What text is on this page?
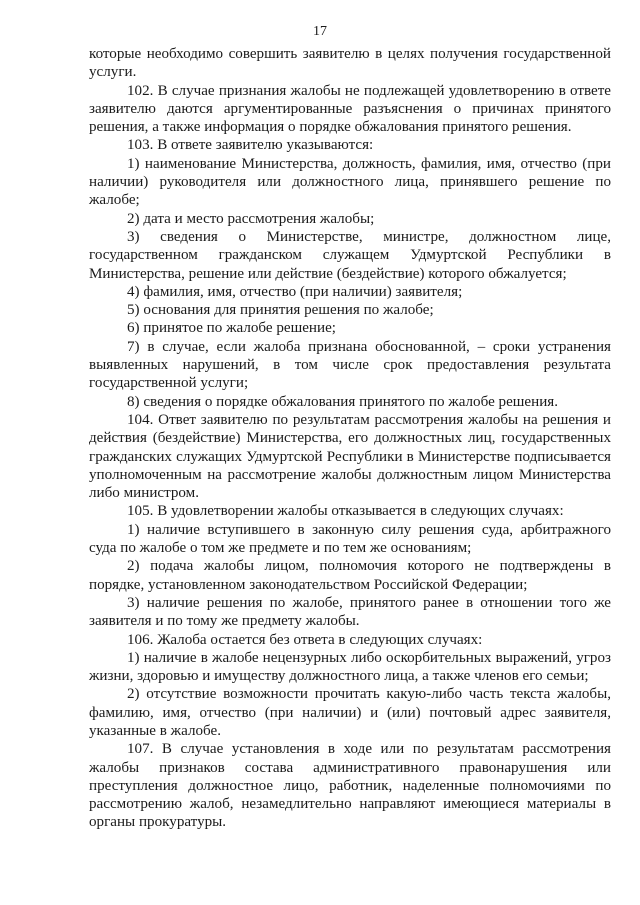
17

которые необходимо совершить заявителю в целях получения государственной услуги.

102. В случае признания жалобы не подлежащей удовлетворению в ответе заявителю даются аргументированные разъяснения о причинах принятого решения, а также информация о порядке обжалования принятого решения.

103. В ответе заявителю указываются:

1) наименование Министерства, должность, фамилия, имя, отчество (при наличии) руководителя или должностного лица, принявшего решение по жалобе;

2) дата и место рассмотрения жалобы;

3) сведения о Министерстве, министре, должностном лице, государственном гражданском служащем Удмуртской Республики в Министерства, решение или действие (бездействие) которого обжалуется;

4) фамилия, имя, отчество (при наличии) заявителя;

5) основания для принятия решения по жалобе;

6) принятое по жалобе решение;

7) в случае, если жалоба признана обоснованной, – сроки устранения выявленных нарушений, в том числе срок предоставления результата государственной услуги;

8) сведения о порядке обжалования принятого по жалобе решения.

104. Ответ заявителю по результатам рассмотрения жалобы на решения и действия (бездействие) Министерства, его должностных лиц, государственных гражданских служащих Удмуртской Республики в Министерстве подписывается уполномоченным на рассмотрение жалобы должностным лицом Министерства либо министром.

105. В удовлетворении жалобы отказывается в следующих случаях:

1) наличие вступившего в законную силу решения суда, арбитражного суда по жалобе о том же предмете и по тем же основаниям;

2) подача жалобы лицом, полномочия которого не подтверждены в порядке, установленном законодательством Российской Федерации;

3) наличие решения по жалобе, принятого ранее в отношении того же заявителя и по тому же предмету жалобы.

106. Жалоба остается без ответа в следующих случаях:

1) наличие в жалобе нецензурных либо оскорбительных выражений, угроз жизни, здоровью и имуществу должностного лица, а также членов его семьи;

2) отсутствие возможности прочитать какую-либо часть текста жалобы, фамилию, имя, отчество (при наличии) и (или) почтовый адрес заявителя, указанные в жалобе.

107. В случае установления в ходе или по результатам рассмотрения жалобы признаков состава административного правонарушения или преступления должностное лицо, работник, наделенные полномочиями по рассмотрению жалоб, незамедлительно направляют имеющиеся материалы в органы прокуратуры.
